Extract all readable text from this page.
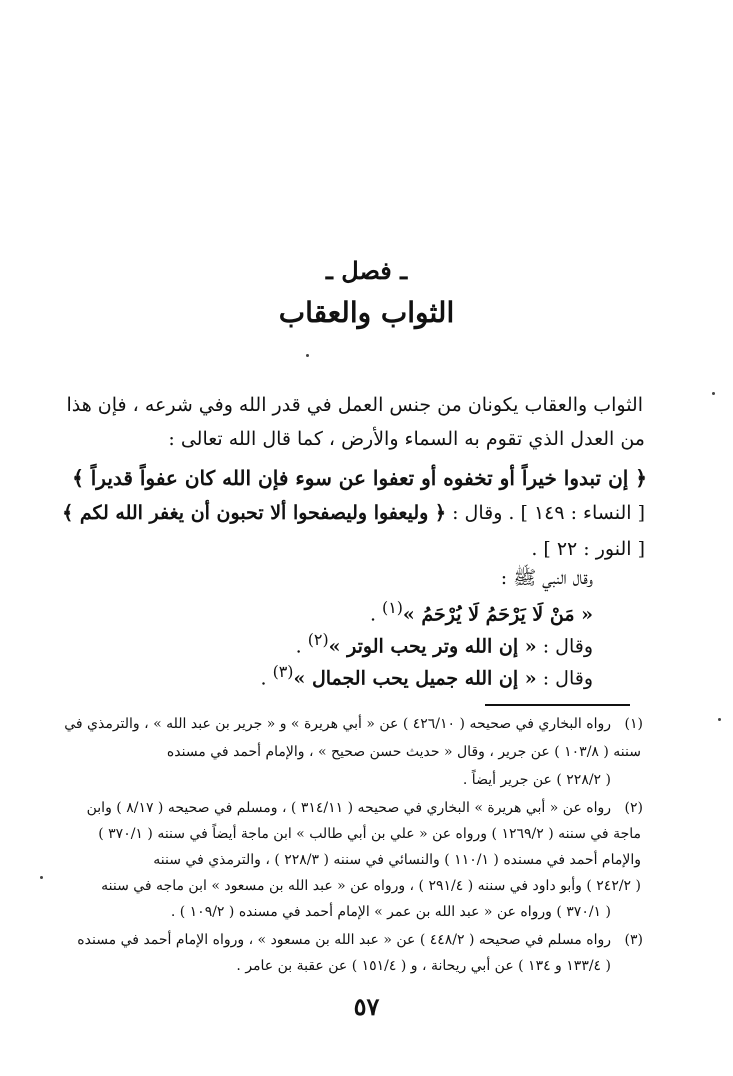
ـ فصل ـ
الثواب والعقاب
الثواب والعقاب يكونان من جنس العمل في قدر الله وفي شرعه ، فإن هذا
من العدل الذي تقوم به السماء والأرض ، كما قال الله تعالى :
﴿ إن تبدوا خيراً أو تخفوه أو تعفوا عن سوء فإن الله كان عفواً قديراً ﴾
[ النساء : ١٤٩ ] . وقال : ﴿ وليعفوا وليصفحوا ألا تحبون أن يغفر الله لكم ﴾
[ النور : ٢٢ ] .
وقال النبي ﷺ :
« مَنْ لَا يَرْحَمُ لَا يُرْحَمُ »$^{(١)}$ .
وقال : « إن الله وتر يحب الوتر »$^{(٢)}$ .
وقال : « إن الله جميل يحب الجمال »$^{(٣)}$ .
(١)
رواه البخاري في صحيحه ( ٤٢٦/١٠ ) عن « أبي هريرة » و « جرير بن عبد الله » ، والترمذي في
سننه ( ١٠٣/٨ ) عن جرير ، وقال « حديث حسن صحيح » ، والإمام أحمد في مسنده
( ٢٢٨/٢ ) عن جرير أيضاً .
(٢)
رواه عن « أبي هريرة » البخاري في صحيحه ( ٣١٤/١١ ) ، ومسلم في صحيحه ( ٨/١٧ ) وابن
ماجة في سننه ( ١٢٦٩/٢ ) ورواه عن « علي بن أبي طالب » ابن ماجة أيضاً في سننه ( ٣٧٠/١ )
والإمام أحمد في مسنده ( ١١٠/١ ) والنسائي في سننه ( ٢٢٨/٣ ) ، والترمذي في سننه
( ٢٤٢/٢ ) وأبو داود في سننه ( ٢٩١/٤ ) ، ورواه عن « عبد الله بن مسعود » ابن ماجه في سننه
( ٣٧٠/١ ) ورواه عن « عبد الله بن عمر » الإمام أحمد في مسنده ( ١٠٩/٢ ) .
(٣)
رواه مسلم في صحيحه ( ٤٤٨/٢ ) عن « عبد الله بن مسعود » ، ورواه الإمام أحمد في مسنده
( ١٣٣/٤ و ١٣٤ ) عن أبي ريحانة ، و ( ١٥١/٤ ) عن عقبة بن عامر .
٥٧
